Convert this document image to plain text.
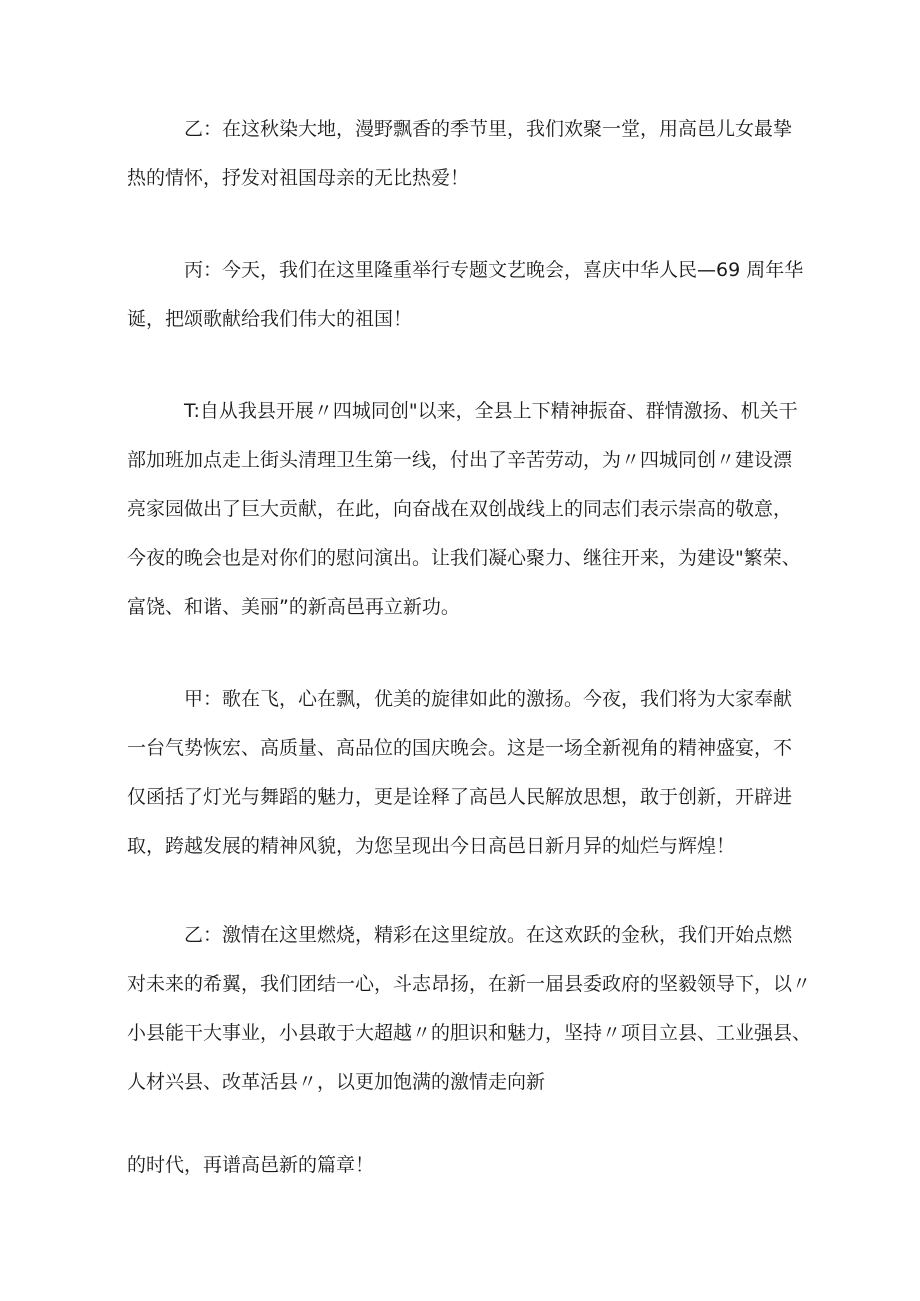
乙：在这秋染大地，漫野飘香的季节里，我们欢聚一堂，用高邑儿女最挚
热的情怀，抒发对祖国母亲的无比热爱！
丙：今天，我们在这里隆重举行专题文艺晚会，喜庆中华人民—69 周年华
诞，把颂歌献给我们伟大的祖国！
T:自从我县开展〃四城同创"以来，全县上下精神振奋、群情激扬、机关干
部加班加点走上街头清理卫生第一线，付出了辛苦劳动，为〃四城同创〃建设漂
亮家园做出了巨大贡献，在此，向奋战在双创战线上的同志们表示崇高的敬意，
今夜的晚会也是对你们的慰问演出。让我们凝心聚力、继往开来，为建设"繁荣、
富饶、和谐、美丽”的新高邑再立新功。
甲：歌在飞，心在飘，优美的旋律如此的激扬。今夜，我们将为大家奉献
一台气势恢宏、高质量、高品位的国庆晚会。这是一场全新视角的精神盛宴，不
仅函括了灯光与舞蹈的魅力，更是诠释了高邑人民解放思想，敢于创新，开辟进
取，跨越发展的精神风貌，为您呈现出今日高邑日新月异的灿烂与辉煌！
乙：激情在这里燃烧，精彩在这里绽放。在这欢跃的金秋，我们开始点燃
对未来的希翼，我们团结一心，斗志昂扬，在新一届县委政府的坚毅领导下，以〃
小县能干大事业，小县敢于大超越〃的胆识和魅力，坚持〃项目立县、工业强县、
人材兴县、改革活县〃，以更加饱满的激情走向新
的时代，再谱高邑新的篇章！
